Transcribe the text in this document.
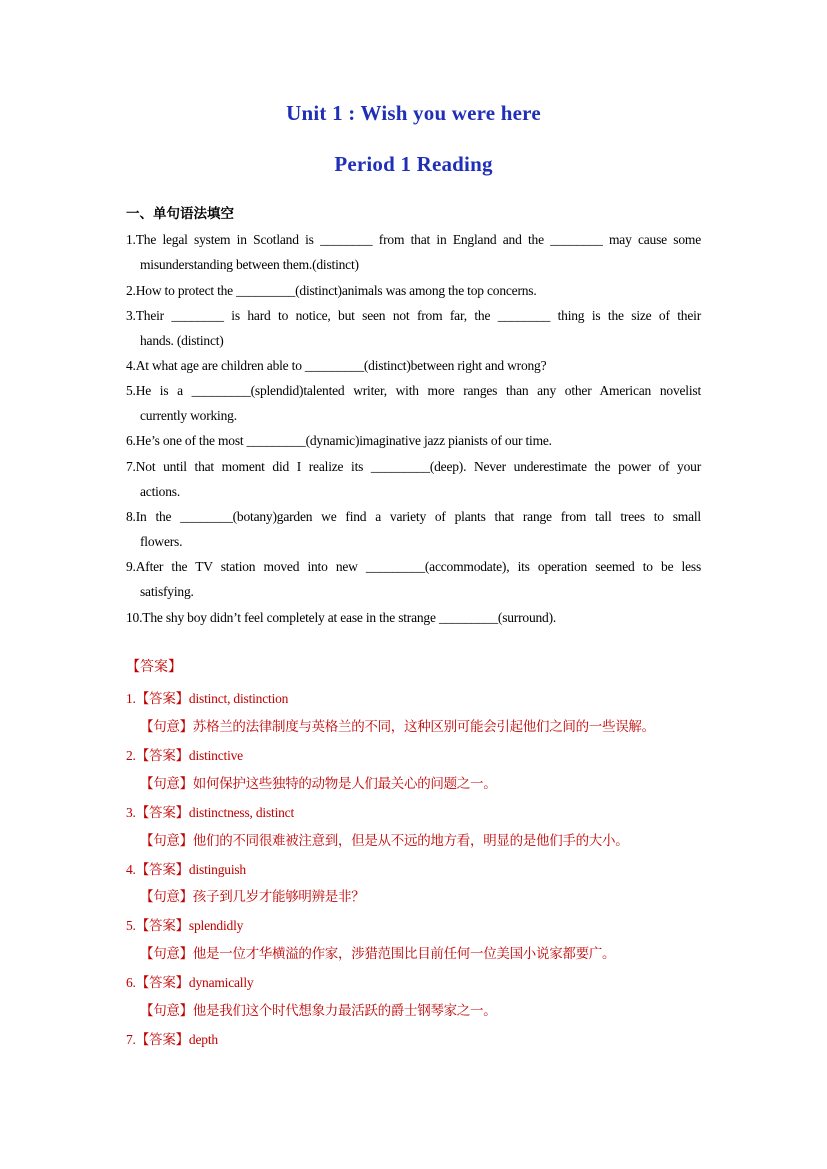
Unit 1 : Wish you were here
Period 1 Reading
一、单句语法填空
1.The legal system in Scotland is ________ from that in England and the ________ may cause some
misunderstanding between them.(distinct)
2.How to protect the _________(distinct)animals was among the top concerns.
3.Their ________ is hard to notice, but seen not from far, the ________ thing is the size of their
hands. (distinct)
4.At what age are children able to _________(distinct)between right and wrong?
5.He is a _________(splendid)talented writer, with more ranges than any other American novelist
currently working.
6.He’s one of the most _________(dynamic)imaginative jazz pianists of our time.
7.Not until that moment did I realize its _________(deep). Never underestimate the power of your
actions.
8.In the ________(botany)garden we find a variety of plants that range from tall trees to small
flowers.
9.After the TV station moved into new _________(accommodate), its operation seemed to be less
satisfying.
10.The shy boy didn’t feel completely at ease in the strange _________(surround).
【答案】
1.【答案】distinct, distinction
【句意】苏格兰的法律制度与英格兰的不同，这种区别可能会引起他们之间的一些误解。
2.【答案】distinctive
【句意】如何保护这些独特的动物是人们最关心的问题之一。
3.【答案】distinctness, distinct
【句意】他们的不同很难被注意到，但是从不远的地方看，明显的是他们手的大小。
4.【答案】distinguish
【句意】孩子到几岁才能够明辨是非？
5.【答案】splendidly
【句意】他是一位才华横溢的作家，涉猎范围比目前任何一位美国小说家都要广。
6.【答案】dynamically
【句意】他是我们这个时代想象力最活跃的爵士钢琴家之一。
7.【答案】depth
